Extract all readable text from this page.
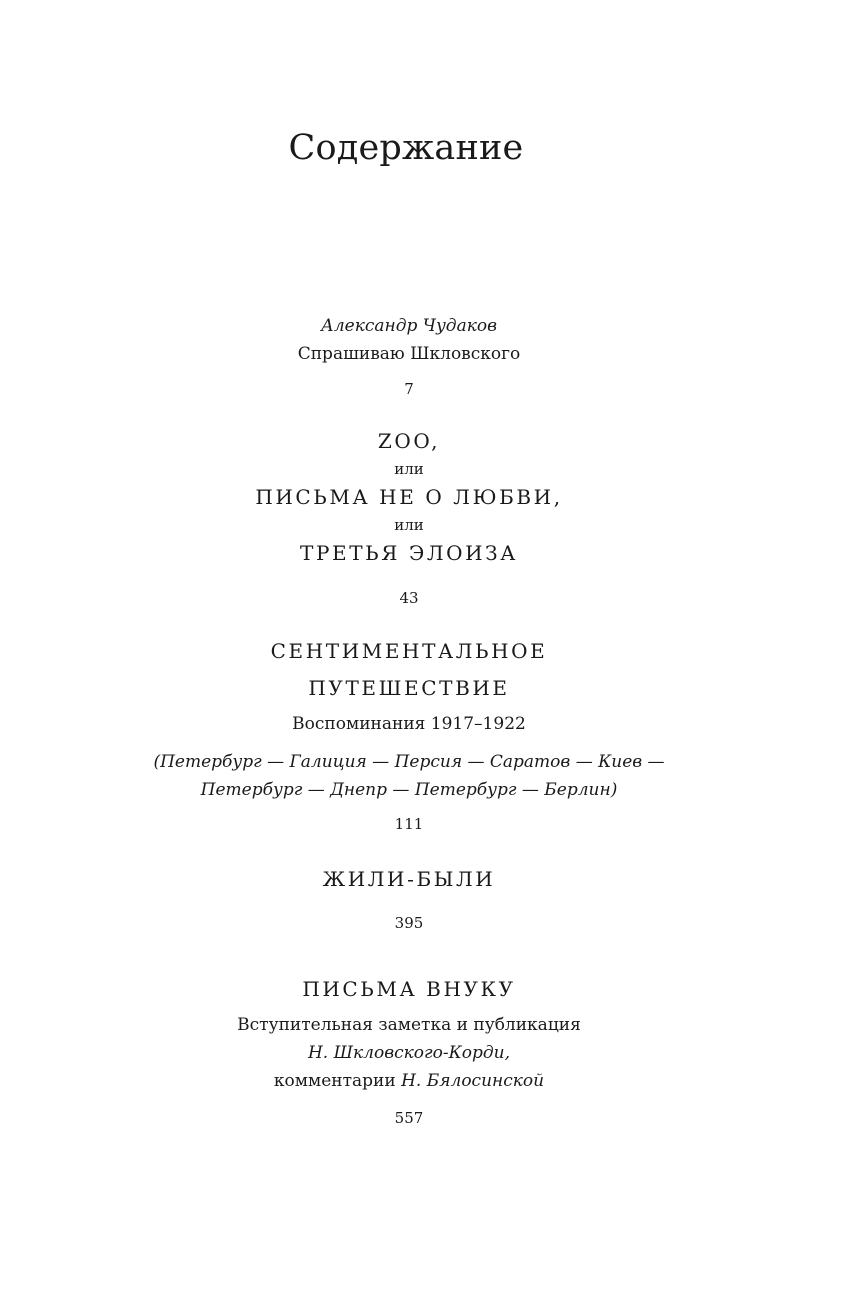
Содержание
Александр Чудаков
Спрашиваю Шкловского
7
ZOO,
или
ПИСЬМА НЕ О ЛЮБВИ,
или
ТРЕТЬЯ ЭЛОИЗА
43
СЕНТИМЕНТАЛЬНОЕ
ПУТЕШЕСТВИЕ
Воспоминания 1917–1922
(Петербург — Галиция — Персия — Саратов — Киев —
Петербург — Днепр — Петербург — Берлин)
111
ЖИЛИ-БЫЛИ
395
ПИСЬМА ВНУКУ
Вступительная заметка и публикация
Н. Шкловского-Корди,
комментарии Н. Бялосинской
557
